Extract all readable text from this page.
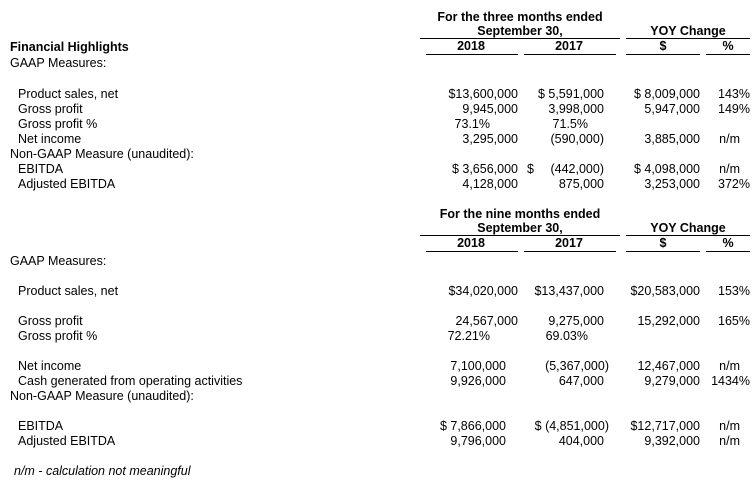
For the three months ended
September 30,	YOY Change
Financial Highlights	2018	2017	$	%
GAAP Measures:
Product sales, net	$13,600,000	$ 5,591,000	$ 8,009,000	143%
Gross profit	9,945,000	3,998,000	5,947,000	149%
Gross profit %	73.1%	71.5%
Net income	3,295,000	(590,000)	3,885,000	n/m
Non-GAAP Measure (unaudited):
EBITDA	$ 3,656,000 $	(442,000)	$ 4,098,000	n/m
Adjusted EBITDA	4,128,000	875,000	3,253,000	372%
For the nine months ended
September 30,	YOY Change
2018	2017	$	%
GAAP Measures:
Product sales, net	$34,020,000	$13,437,000	$20,583,000	153%
Gross profit	24,567,000	9,275,000	15,292,000	165%
Gross profit %	72.21%	69.03%
Net income	7,100,000	(5,367,000)	12,467,000	n/m
Cash generated from operating activities	9,926,000	647,000	9,279,000 1434%
Non-GAAP Measure (unaudited):
EBITDA	$ 7,866,000	$ (4,851,000)	$12,717,000	n/m
Adjusted EBITDA	9,796,000	404,000	9,392,000	n/m
n/m - calculation not meaningful
